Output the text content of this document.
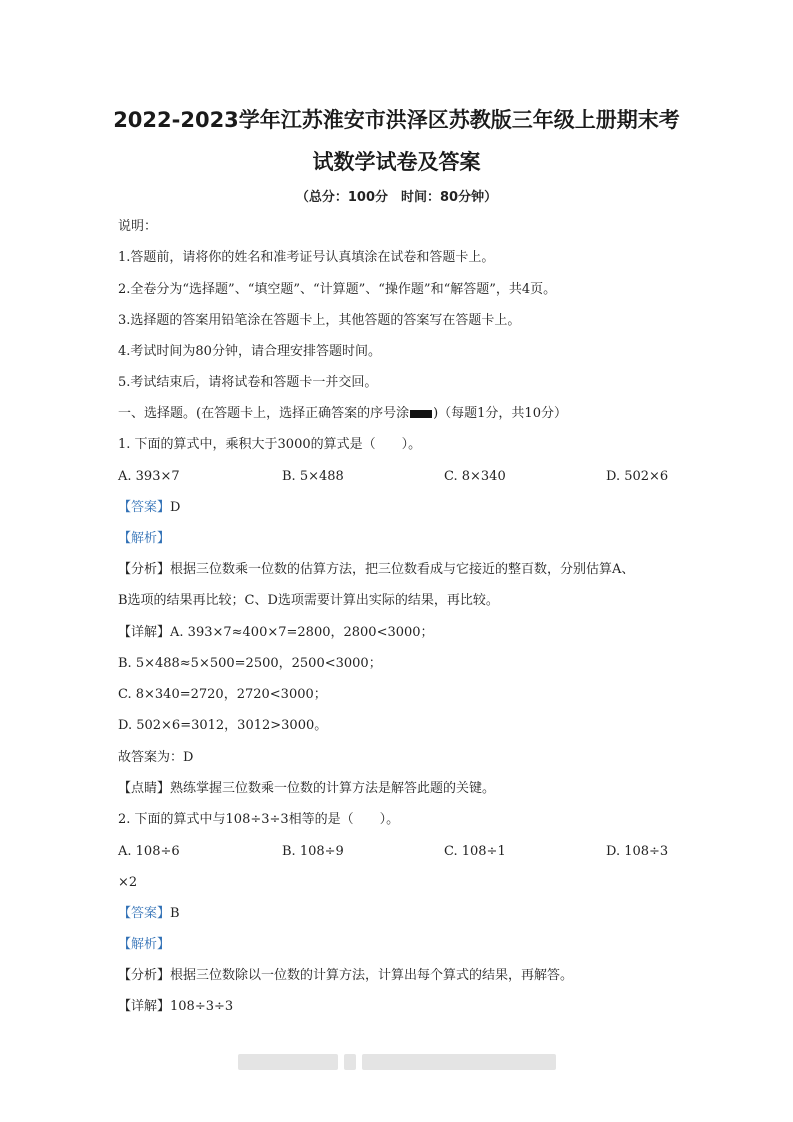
2022-2023学年江苏淮安市洪泽区苏教版三年级上册期末考
试数学试卷及答案
（总分：100分　时间：80分钟）
说明：
1.答题前，请将你的姓名和准考证号认真填涂在试卷和答题卡上。
2.全卷分为“选择题”、“填空题”、“计算题”、“操作题”和“解答题”，共4页。
3.选择题的答案用铅笔涂在答题卡上，其他答题的答案写在答题卡上。
4.考试时间为80分钟，请合理安排答题时间。
5.考试结束后，请将试卷和答题卡一并交回。
一、选择题。(在答题卡上，选择正确答案的序号涂 )（每题1分，共10分）
1. 下面的算式中，乘积大于3000的算式是（　　）。
A. 393×7	B. 5×488	C. 8×340	D. 502×6
【答案】D
【解析】
【分析】根据三位数乘一位数的估算方法，把三位数看成与它接近的整百数，分别估算A、
B选项的结果再比较；C、D选项需要计算出实际的结果，再比较。
【详解】A. 393×7≈400×7=2800，2800<3000；
B. 5×488≈5×500=2500，2500<3000；
C. 8×340=2720，2720<3000；
D. 502×6=3012，3012>3000。
故答案为：D
【点睛】熟练掌握三位数乘一位数的计算方法是解答此题的关键。
2. 下面的算式中与108÷3÷3相等的是（　　）。
A. 108÷6	B. 108÷9	C. 108÷1	D. 108÷3
×2
【答案】B
【解析】
【分析】根据三位数除以一位数的计算方法，计算出每个算式的结果，再解答。
【详解】108÷3÷3
